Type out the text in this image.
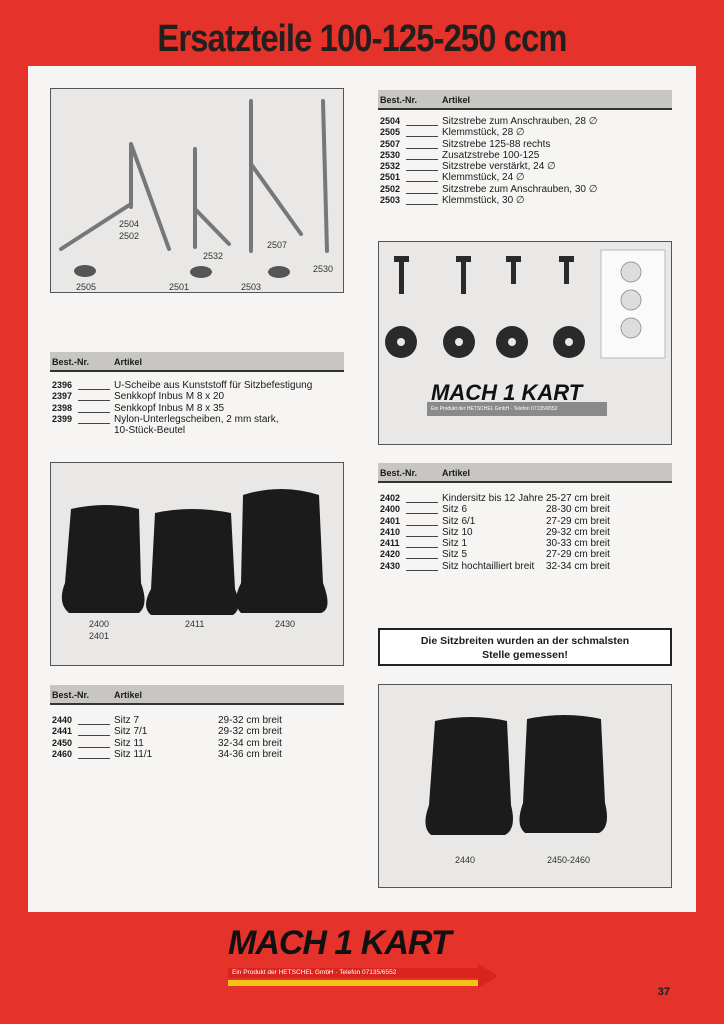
Ersatzteile 100-125-250 ccm
2504
2502
2532
2507
2530
2505	2501	2503
Best.-Nr.	Artikel
2504	Sitzstrebe zum Anschrauben, 28 ∅
2505	Klemmstück, 28 ∅
2507	Sitzstrebe 125-88 rechts
2530	Zusatzstrebe 100-125
2532	Sitzstrebe verstärkt, 24 ∅
2501	Klemmstück, 24 ∅
2502	Sitzstrebe zum Anschrauben, 30 ∅
2503	Klemmstück, 30 ∅
MACH 1 KART
Ein Produkt der HETSCHEL GmbH · Telefon 07135/6552
Best.-Nr.	Artikel
2396	U-Scheibe aus Kunststoff für Sitzbefestigung
2397	Senkkopf Inbus M 8 x 20
2398	Senkkopf Inbus M 8 x 35
2399	Nylon-Unterlegscheiben, 2 mm stark,
10-Stück-Beutel
2400
2401
2411	2430
Best.-Nr.	Artikel
2402	Kindersitz bis 12 Jahre 25-27 cm breit
2400	Sitz 6	28-30 cm breit
2401	Sitz 6/1	27-29 cm breit
2410	Sitz 10	29-32 cm breit
2411	Sitz 1	30-33 cm breit
2420	Sitz 5	27-29 cm breit
2430	Sitz hochtailliert breit 32-34 cm breit
Die Sitzbreiten wurden an der schmalsten
Stelle gemessen!
Best.-Nr.	Artikel
2440	Sitz 7	29-32 cm breit
2441	Sitz 7/1	29-32 cm breit
2450	Sitz 11	32-34 cm breit
2460	Sitz 11/1	34-36 cm breit
2440	2450-2460
MACH 1 KART
Ein Produkt der HETSCHEL GmbH · Telefon 07135/6552
37
